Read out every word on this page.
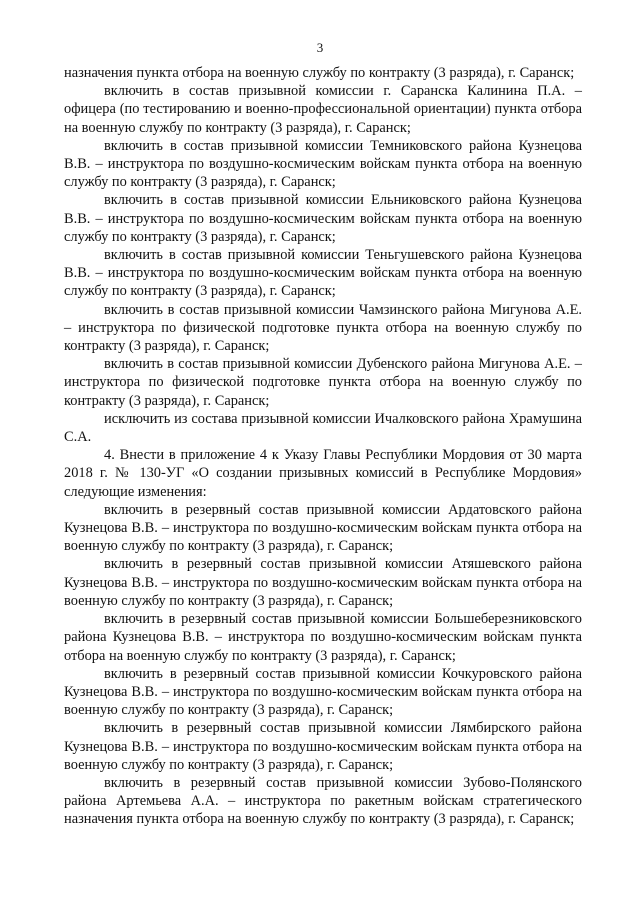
3

назначения пункта отбора на военную службу по контракту (3 разряда), г. Саранск;

включить в состав призывной комиссии г. Саранска Калинина П.А. – офицера (по тестированию и военно-профессиональной ориентации) пункта отбора на военную службу по контракту (3 разряда), г. Саранск;

включить в состав призывной комиссии Темниковского района Кузнецова В.В. – инструктора по воздушно-космическим войскам пункта отбора на военную службу по контракту (3 разряда), г. Саранск;

включить в состав призывной комиссии Ельниковского района Кузнецова В.В. – инструктора по воздушно-космическим войскам пункта отбора на военную службу по контракту (3 разряда), г. Саранск;

включить в состав призывной комиссии Теньгушевского района Кузнецова В.В. – инструктора по воздушно-космическим войскам пункта отбора на военную службу по контракту (3 разряда), г. Саранск;

включить в состав призывной комиссии Чамзинского района Мигунова А.Е. – инструктора по физической подготовке пункта отбора на военную службу по контракту (3 разряда), г. Саранск;

включить в состав призывной комиссии Дубенского района Мигунова А.Е. – инструктора по физической подготовке пункта отбора на военную службу по контракту (3 разряда), г. Саранск;

исключить из состава призывной комиссии Ичалковского района Храмушина С.А.

4. Внести в приложение 4 к Указу Главы Республики Мордовия от 30 марта 2018 г. № 130-УГ «О создании призывных комиссий в Республике Мордовия» следующие изменения:

включить в резервный состав призывной комиссии Ардатовского района Кузнецова В.В. – инструктора по воздушно-космическим войскам пункта отбора на военную службу по контракту (3 разряда), г. Саранск;

включить в резервный состав призывной комиссии Атяшевского района Кузнецова В.В. – инструктора по воздушно-космическим войскам пункта отбора на военную службу по контракту (3 разряда), г. Саранск;

включить в резервный состав призывной комиссии Большеберезниковского района Кузнецова В.В. – инструктора по воздушно-космическим войскам пункта отбора на военную службу по контракту (3 разряда), г. Саранск;

включить в резервный состав призывной комиссии Кочкуровского района Кузнецова В.В. – инструктора по воздушно-космическим войскам пункта отбора на военную службу по контракту (3 разряда), г. Саранск;

включить в резервный состав призывной комиссии Лямбирского района Кузнецова В.В. – инструктора по воздушно-космическим войскам пункта отбора на военную службу по контракту (3 разряда), г. Саранск;

включить в резервный состав призывной комиссии Зубово-Полянского района Артемьева А.А. – инструктора по ракетным войскам стратегического назначения пункта отбора на военную службу по контракту (3 разряда), г. Саранск;
